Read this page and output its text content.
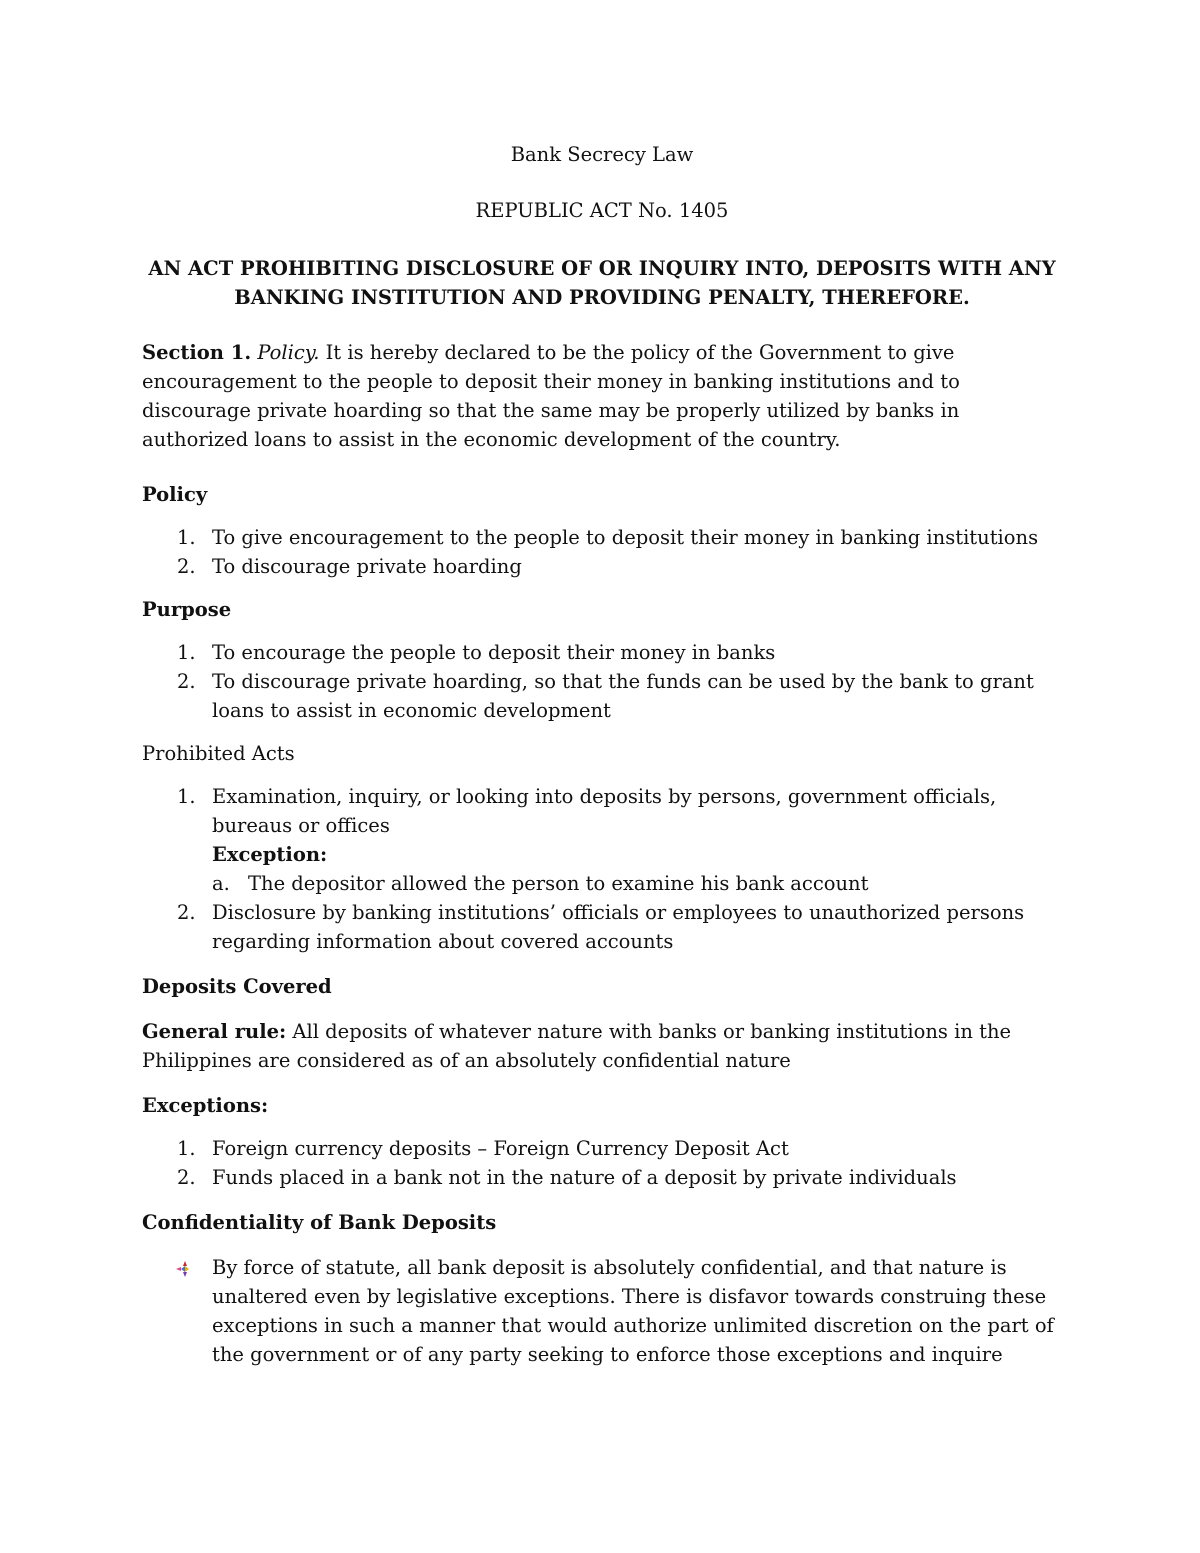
Bank Secrecy Law

REPUBLIC ACT No. 1405

AN ACT PROHIBITING DISCLOSURE OF OR INQUIRY INTO, DEPOSITS WITH ANY BANKING INSTITUTION AND PROVIDING PENALTY, THEREFORE.

Section 1. Policy. It is hereby declared to be the policy of the Government to give encouragement to the people to deposit their money in banking institutions and to discourage private hoarding so that the same may be properly utilized by banks in authorized loans to assist in the economic development of the country.

Policy

1. To give encouragement to the people to deposit their money in banking institutions
2. To discourage private hoarding

Purpose

1. To encourage the people to deposit their money in banks
2. To discourage private hoarding, so that the funds can be used by the bank to grant loans to assist in economic development

Prohibited Acts

1. Examination, inquiry, or looking into deposits by persons, government officials, bureaus or offices
Exception:
a. The depositor allowed the person to examine his bank account
2. Disclosure by banking institutions’ officials or employees to unauthorized persons regarding information about covered accounts

Deposits Covered

General rule: All deposits of whatever nature with banks or banking institutions in the Philippines are considered as of an absolutely confidential nature

Exceptions:

1. Foreign currency deposits – Foreign Currency Deposit Act
2. Funds placed in a bank not in the nature of a deposit by private individuals

Confidentiality of Bank Deposits

By force of statute, all bank deposit is absolutely confidential, and that nature is unaltered even by legislative exceptions. There is disfavor towards construing these exceptions in such a manner that would authorize unlimited discretion on the part of the government or of any party seeking to enforce those exceptions and inquire
